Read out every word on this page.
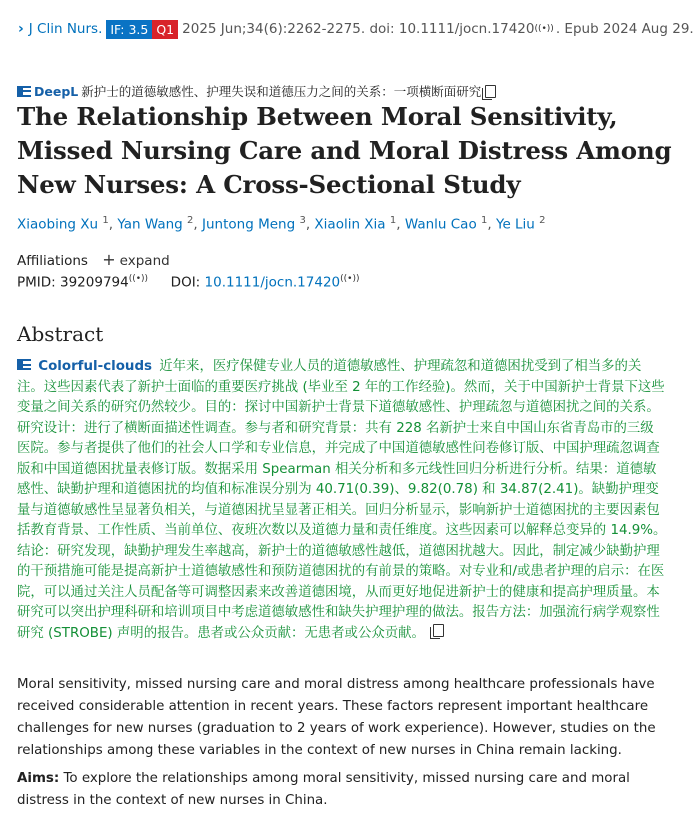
› J Clin Nurs. IF: 3.5 Q1 2025 Jun;34(6):2262-2275. doi: 10.1111/jocn.17420 ((•)) . Epub 2024 Aug 29.
DeepL 新护士的道德敏感性、护理失误和道德压力之间的关系：一项横断面研究
The Relationship Between Moral Sensitivity, Missed Nursing Care and Moral Distress Among New Nurses: A Cross-Sectional Study
Xiaobing Xu $^1$, Yan Wang $^2$, Juntong Meng $^3$, Xiaolin Xia $^1$, Wanlu Cao $^1$, Ye Liu $^2$
Affiliations + expand
PMID: 39209794((•)) DOI: 10.1111/jocn.17420((•))
Abstract
Colorful-clouds 近年来，医疗保健专业人员的道德敏感性、护理疏忽和道德困扰受到了相当多的关注。这些因素代表了新护士面临的重要医疗挑战 (毕业至 2 年的工作经验)。然而，关于中国新护士背景下这些变量之间关系的研究仍然较少。目的：探讨中国新护士背景下道德敏感性、护理疏忽与道德困扰之间的关系。研究设计：进行了横断面描述性调查。参与者和研究背景：共有 228 名新护士来自中国山东省青岛市的三级医院。参与者提供了他们的社会人口学和专业信息，并完成了中国道德敏感性问卷修订版、中国护理疏忽调查版和中国道德困扰量表修订版。数据采用 Spearman 相关分析和多元线性回归分析进行分析。结果：道德敏感性、缺勤护理和道德困扰的均值和标准误分别为 40.71(0.39)、9.82(0.78) 和 34.87(2.41)。缺勤护理变量与道德敏感性呈显著负相关，与道德困扰呈显著正相关。回归分析显示，影响新护士道德困扰的主要因素包括教育背景、工作性质、当前单位、夜班次数以及道德力量和责任维度。这些因素可以解释总变异的 14.9%。结论：研究发现，缺勤护理发生率越高，新护士的道德敏感性越低，道德困扰越大。因此，制定减少缺勤护理的干预措施可能是提高新护士道德敏感性和预防道德困扰的有前景的策略。对专业和/或患者护理的启示：在医院，可以通过关注人员配备等可调整因素来改善道德困境，从而更好地促进新护士的健康和提高护理质量。本研究可以突出护理科研和培训项目中考虑道德敏感性和缺失护理护理的做法。报告方法：加强流行病学观察性研究 (STROBE) 声明的报告。患者或公众贡献：无患者或公众贡献。

Moral sensitivity, missed nursing care and moral distress among healthcare professionals have received considerable attention in recent years. These factors represent important healthcare challenges for new nurses (graduation to 2 years of work experience). However, studies on the relationships among these variables in the context of new nurses in China remain lacking.

Aims: To explore the relationships among moral sensitivity, missed nursing care and moral distress in the context of new nurses in China.
